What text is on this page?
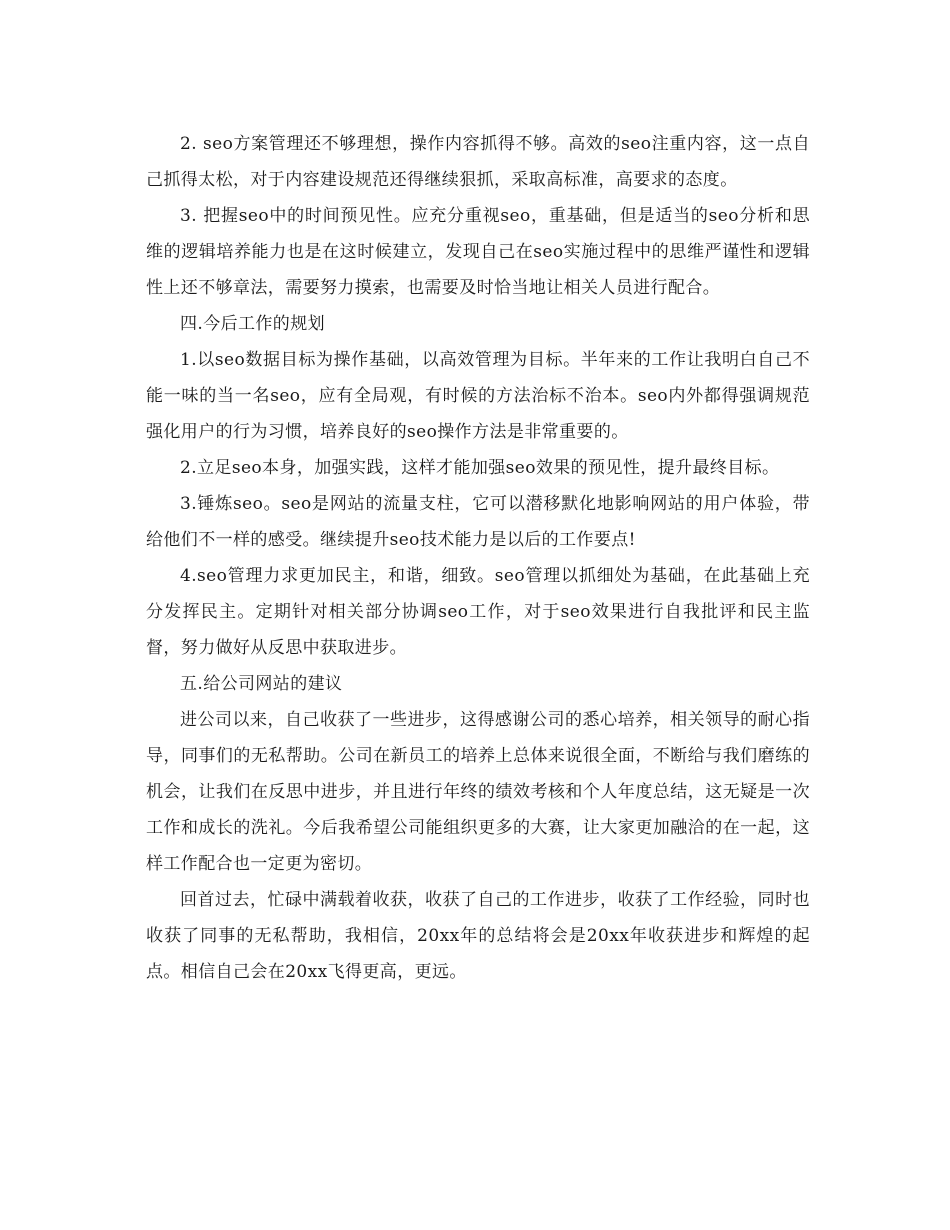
2. seo方案管理还不够理想，操作内容抓得不够。高效的seo注重内容，这一点自己抓得太松，对于内容建设规范还得继续狠抓，采取高标准，高要求的态度。

3. 把握seo中的时间预见性。应充分重视seo，重基础，但是适当的seo分析和思维的逻辑培养能力也是在这时候建立，发现自己在seo实施过程中的思维严谨性和逻辑性上还不够章法，需要努力摸索，也需要及时恰当地让相关人员进行配合。

四.今后工作的规划

1.以seo数据目标为操作基础，以高效管理为目标。半年来的工作让我明白自己不能一味的当一名seo，应有全局观，有时候的方法治标不治本。seo内外都得强调规范强化用户的行为习惯，培养良好的seo操作方法是非常重要的。

2.立足seo本身，加强实践，这样才能加强seo效果的预见性，提升最终目标。

3.锤炼seo。seo是网站的流量支柱，它可以潜移默化地影响网站的用户体验，带给他们不一样的感受。继续提升seo技术能力是以后的工作要点!

4.seo管理力求更加民主，和谐，细致。seo管理以抓细处为基础，在此基础上充分发挥民主。定期针对相关部分协调seo工作，对于seo效果进行自我批评和民主监督，努力做好从反思中获取进步。

五.给公司网站的建议

进公司以来，自己收获了一些进步，这得感谢公司的悉心培养，相关领导的耐心指导，同事们的无私帮助。公司在新员工的培养上总体来说很全面，不断给与我们磨练的机会，让我们在反思中进步，并且进行年终的绩效考核和个人年度总结，这无疑是一次工作和成长的洗礼。今后我希望公司能组织更多的大赛，让大家更加融洽的在一起，这样工作配合也一定更为密切。

回首过去，忙碌中满载着收获，收获了自己的工作进步，收获了工作经验，同时也收获了同事的无私帮助，我相信，20xx年的总结将会是20xx年收获进步和辉煌的起点。相信自己会在20xx飞得更高，更远。
